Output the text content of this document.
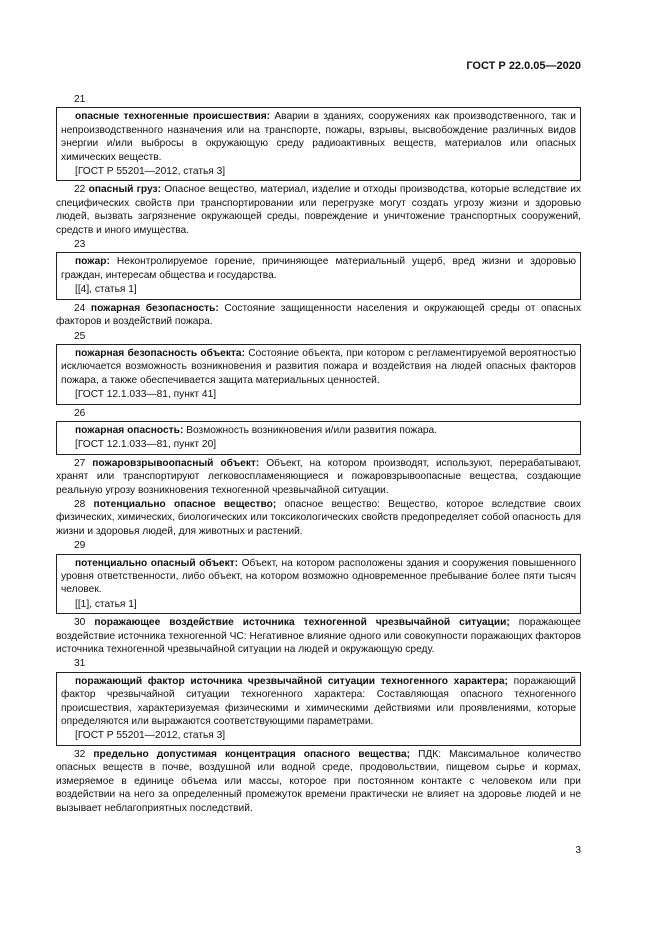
ГОСТ Р 22.0.05—2020

21

опасные техногенные происшествия: Аварии в зданиях, сооружениях как производственного, так и непроизводственного назначения или на транспорте, пожары, взрывы, высвобождение различных видов энергии и/или выбросы в окружающую среду радиоактивных веществ, материалов или опасных химических веществ.

[ГОСТ Р 55201—2012, статья 3]

22 опасный груз: Опасное вещество, материал, изделие и отходы производства, которые вследствие их специфических свойств при транспортировании или перегрузке могут создать угрозу жизни и здоровью людей, вызвать загрязнение окружающей среды, повреждение и уничтожение транспортных сооружений, средств и иного имущества.

23

пожар: Неконтролируемое горение, причиняющее материальный ущерб, вред жизни и здоровью граждан, интересам общества и государства.

[[4], статья 1]

24 пожарная безопасность: Состояние защищенности населения и окружающей среды от опасных факторов и воздействий пожара.

25

пожарная безопасность объекта: Состояние объекта, при котором с регламентируемой вероятностью исключается возможность возникновения и развития пожара и воздействия на людей опасных факторов пожара, а также обеспечивается защита материальных ценностей.

[ГОСТ 12.1.033—81, пункт 41]

26

пожарная опасность: Возможность возникновения и/или развития пожара.

[ГОСТ 12.1.033—81, пункт 20]

27 пожаровзрывоопасный объект: Объект, на котором производят, используют, перерабатывают, хранят или транспортируют легковоспламеняющиеся и пожаровзрывоопасные вещества, создающие реальную угрозу возникновения техногенной чрезвычайной ситуации.

28 потенциально опасное вещество; опасное вещество: Вещество, которое вследствие своих физических, химических, биологических или токсикологических свойств предопределяет собой опасность для жизни и здоровья людей, для животных и растений.

29

потенциально опасный объект: Объект, на котором расположены здания и сооружения повышенного уровня ответственности, либо объект, на котором возможно одновременное пребывание более пяти тысяч человек.

[[1], статья 1]

30 поражающее воздействие источника техногенной чрезвычайной ситуации; поражающее воздействие источника техногенной ЧС: Негативное влияние одного или совокупности поражающих факторов источника техногенной чрезвычайной ситуации на людей и окружающую среду.

31

поражающий фактор источника чрезвычайной ситуации техногенного характера; поражающий фактор чрезвычайной ситуации техногенного характера: Составляющая опасного техногенного происшествия, характеризуемая физическими и химическими действиями или проявлениями, которые определяются или выражаются соответствующими параметрами.

[ГОСТ Р 55201—2012, статья 3]

32 предельно допустимая концентрация опасного вещества; ПДК: Максимальное количество опасных веществ в почве, воздушной или водной среде, продовольствии, пищевом сырье и кормах, измеряемое в единице объема или массы, которое при постоянном контакте с человеком или при воздействии на него за определенный промежуток времени практически не влияет на здоровье людей и не вызывает неблагоприятных последствий.

3
